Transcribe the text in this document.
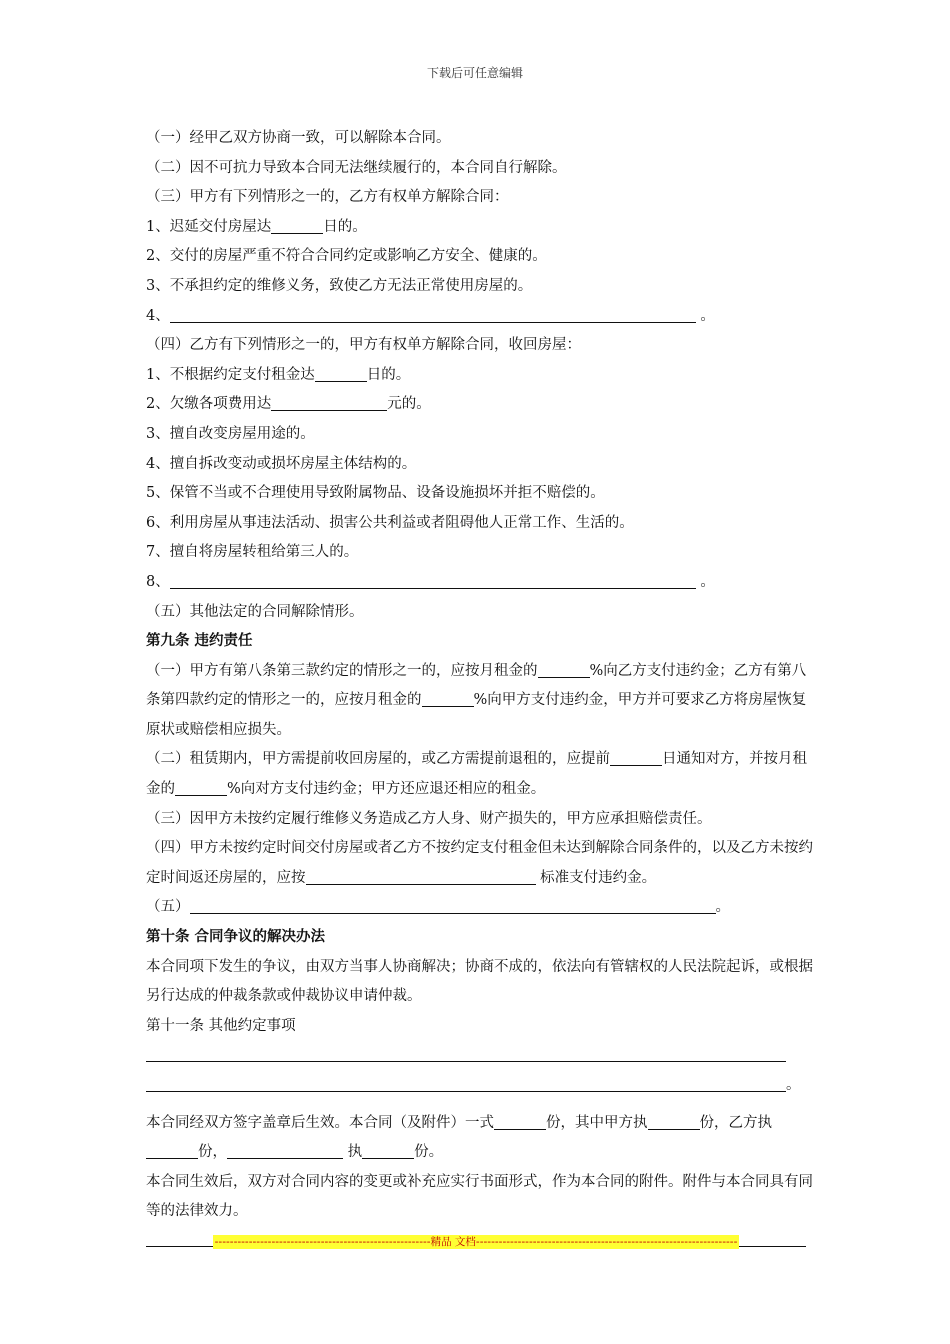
下载后可任意编辑
（一）经甲乙双方协商一致，可以解除本合同。
（二）因不可抗力导致本合同无法继续履行的，本合同自行解除。
（三）甲方有下列情形之一的，乙方有权单方解除合同：
1、迟延交付房屋达	日的。
2、交付的房屋严重不符合合同约定或影响乙方安全、健康的。
3、不承担约定的维修义务，致使乙方无法正常使用房屋的。
4、	。
（四）乙方有下列情形之一的，甲方有权单方解除合同，收回房屋：
1、不根据约定支付租金达	日的。
2、欠缴各项费用达	元的。
3、擅自改变房屋用途的。
4、擅自拆改变动或损坏房屋主体结构的。
5、保管不当或不合理使用导致附属物品、设备设施损坏并拒不赔偿的。
6、利用房屋从事违法活动、损害公共利益或者阻碍他人正常工作、生活的。
7、擅自将房屋转租给第三人的。
8、	。
（五）其他法定的合同解除情形。
第九条 违约责任
（一）甲方有第八条第三款约定的情形之一的，应按月租金的	%向乙方支付违约金；乙方有第八条第四款约定的情形之一的，应按月租金的	%向甲方支付违约金，甲方并可要求乙方将房屋恢复原状或赔偿相应损失。
（二）租赁期内，甲方需提前收回房屋的，或乙方需提前退租的，应提前	日通知对方，并按月租金的	%向对方支付违约金；甲方还应退还相应的租金。
（三）因甲方未按约定履行维修义务造成乙方人身、财产损失的，甲方应承担赔偿责任。
（四）甲方未按约定时间交付房屋或者乙方不按约定支付租金但未达到解除合同条件的，以及乙方未按约定时间返还房屋的，应按	标准支付违约金。
（五）	。
第十条 合同争议的解决办法
本合同项下发生的争议，由双方当事人协商解决；协商不成的，依法向有管辖权的人民法院起诉，或根据另行达成的仲裁条款或仲裁协议申请仲裁。
第十一条 其他约定事项
。
本合同经双方签字盖章后生效。本合同（及附件）一式	份，其中甲方执	份，乙方执份，	执	份。
本合同生效后，双方对合同内容的变更或补充应实行书面形式，作为本合同的附件。附件与本合同具有同等的法律效力。
---------------------------------------------------------精品 文档---------------------------------------------------------------------
